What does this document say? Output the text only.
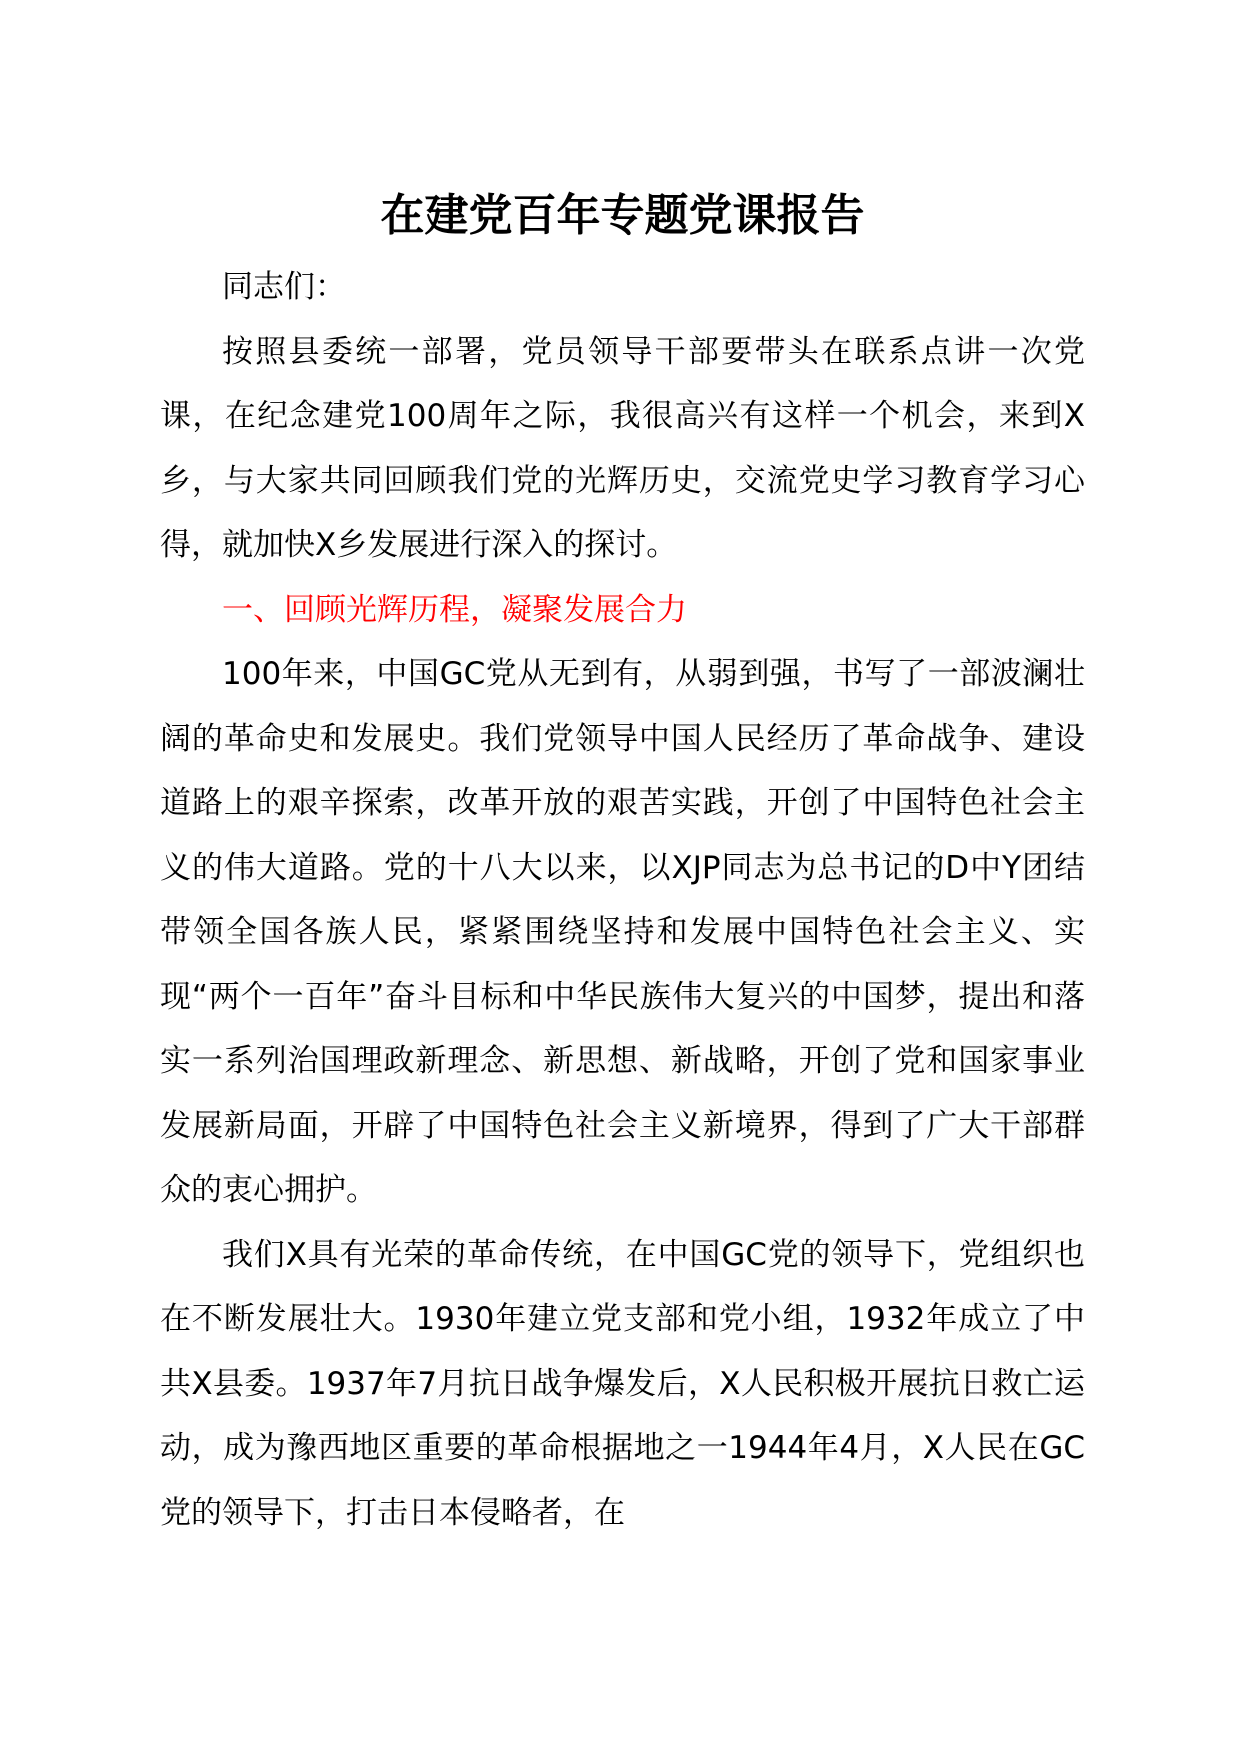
在建党百年专题党课报告

同志们：

按照县委统一部署，党员领导干部要带头在联系点讲一次党课，在纪念建党100周年之际，我很高兴有这样一个机会，来到X乡，与大家共同回顾我们党的光辉历史，交流党史学习教育学习心得，就加快X乡发展进行深入的探讨。

一、回顾光辉历程，凝聚发展合力

100年来，中国GC党从无到有，从弱到强，书写了一部波澜壮阔的革命史和发展史。我们党领导中国人民经历了革命战争、建设道路上的艰辛探索，改革开放的艰苦实践，开创了中国特色社会主义的伟大道路。党的十八大以来，以XJP同志为总书记的D中Y团结带领全国各族人民，紧紧围绕坚持和发展中国特色社会主义、实现“两个一百年”奋斗目标和中华民族伟大复兴的中国梦，提出和落实一系列治国理政新理念、新思想、新战略，开创了党和国家事业发展新局面，开辟了中国特色社会主义新境界，得到了广大干部群众的衷心拥护。

我们X具有光荣的革命传统，在中国GC党的领导下，党组织也在不断发展壮大。1930年建立党支部和党小组，1932年成立了中共X县委。1937年7月抗日战争爆发后，X人民积极开展抗日救亡运动，成为豫西地区重要的革命根据地之一1944年4月，X人民在GC党的领导下，打击日本侵略者，在
